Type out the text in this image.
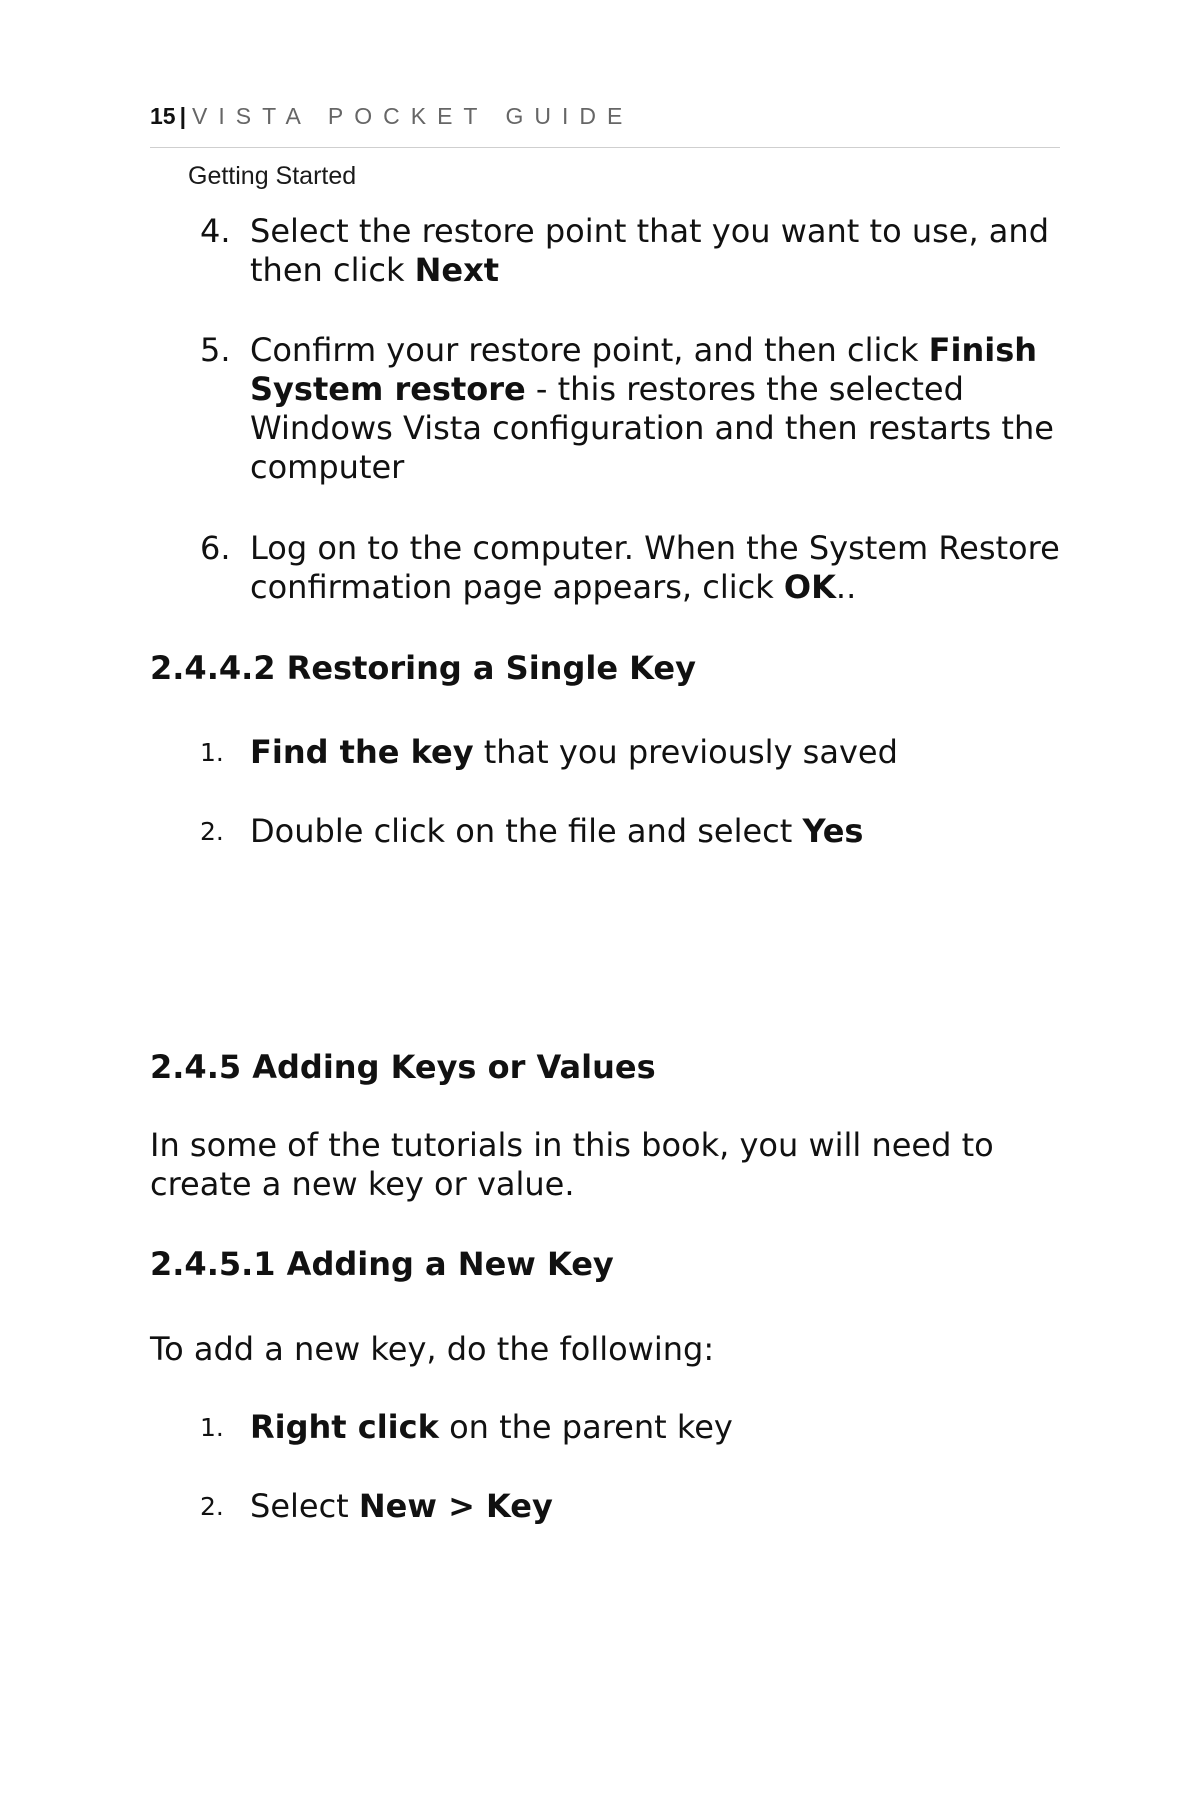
15 | VISTA POCKET GUIDE
Getting Started
4. Select the restore point that you want to use, and then click Next
5. Confirm your restore point, and then click Finish System restore - this restores the selected Windows Vista configuration and then restarts the computer
6. Log on to the computer. When the System Restore confirmation page appears, click OK..
2.4.4.2 Restoring a Single Key
1. Find the key that you previously saved
2. Double click on the file and select Yes
2.4.5 Adding Keys or Values
In some of the tutorials in this book, you will need to create a new key or value.
2.4.5.1 Adding a New Key
To add a new key, do the following:
1. Right click on the parent key
2. Select New > Key
